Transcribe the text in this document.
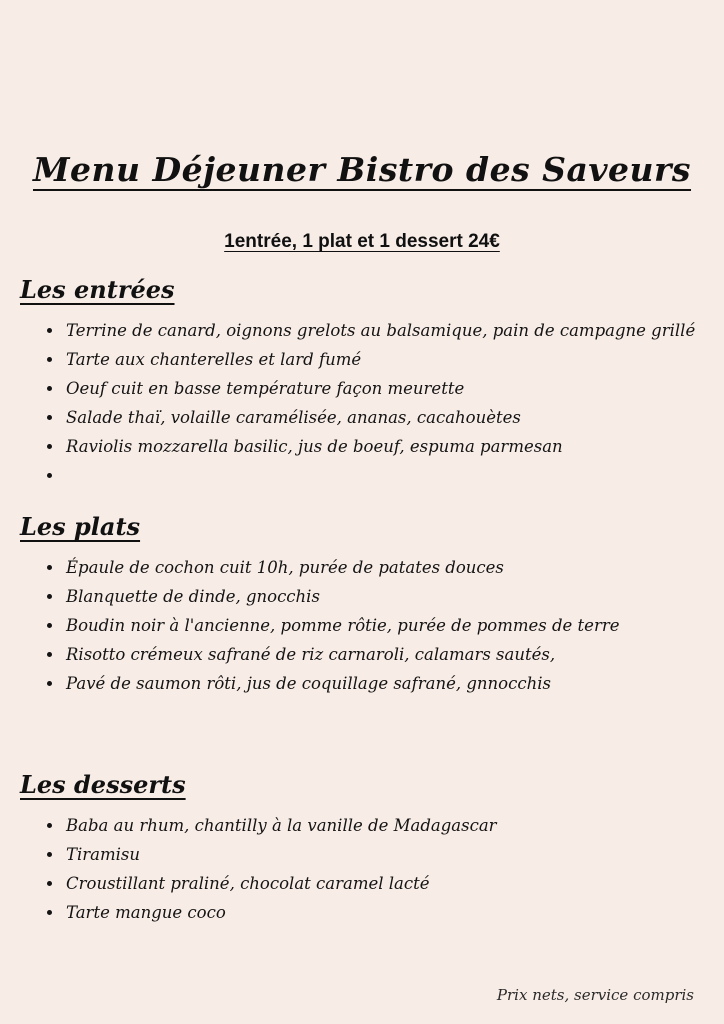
Menu Déjeuner Bistro des Saveurs
1entrée, 1 plat et 1 dessert 24€
Les entrées
• Terrine de canard, oignons grelots au balsamique, pain de campagne grillé
• Tarte aux chanterelles et lard fumé
• Oeuf cuit en basse température façon meurette
• Salade thaï, volaille caramélisée, ananas, cacahouètes
• Raviolis mozzarella basilic, jus de boeuf, espuma parmesan
•
Les plats
• Épaule de cochon cuit 10h, purée de patates douces
• Blanquette de dinde, gnocchis
• Boudin noir à l'ancienne, pomme rôtie, purée de pommes de terre
• Risotto crémeux safrané de riz carnaroli, calamars sautés,
• Pavé de saumon rôti, jus de coquillage safrané, gnnocchis
Les desserts
• Baba au rhum, chantilly à la vanille de Madagascar
• Tiramisu
• Croustillant praliné, chocolat caramel lacté
• Tarte mangue coco
Prix nets, service compris
